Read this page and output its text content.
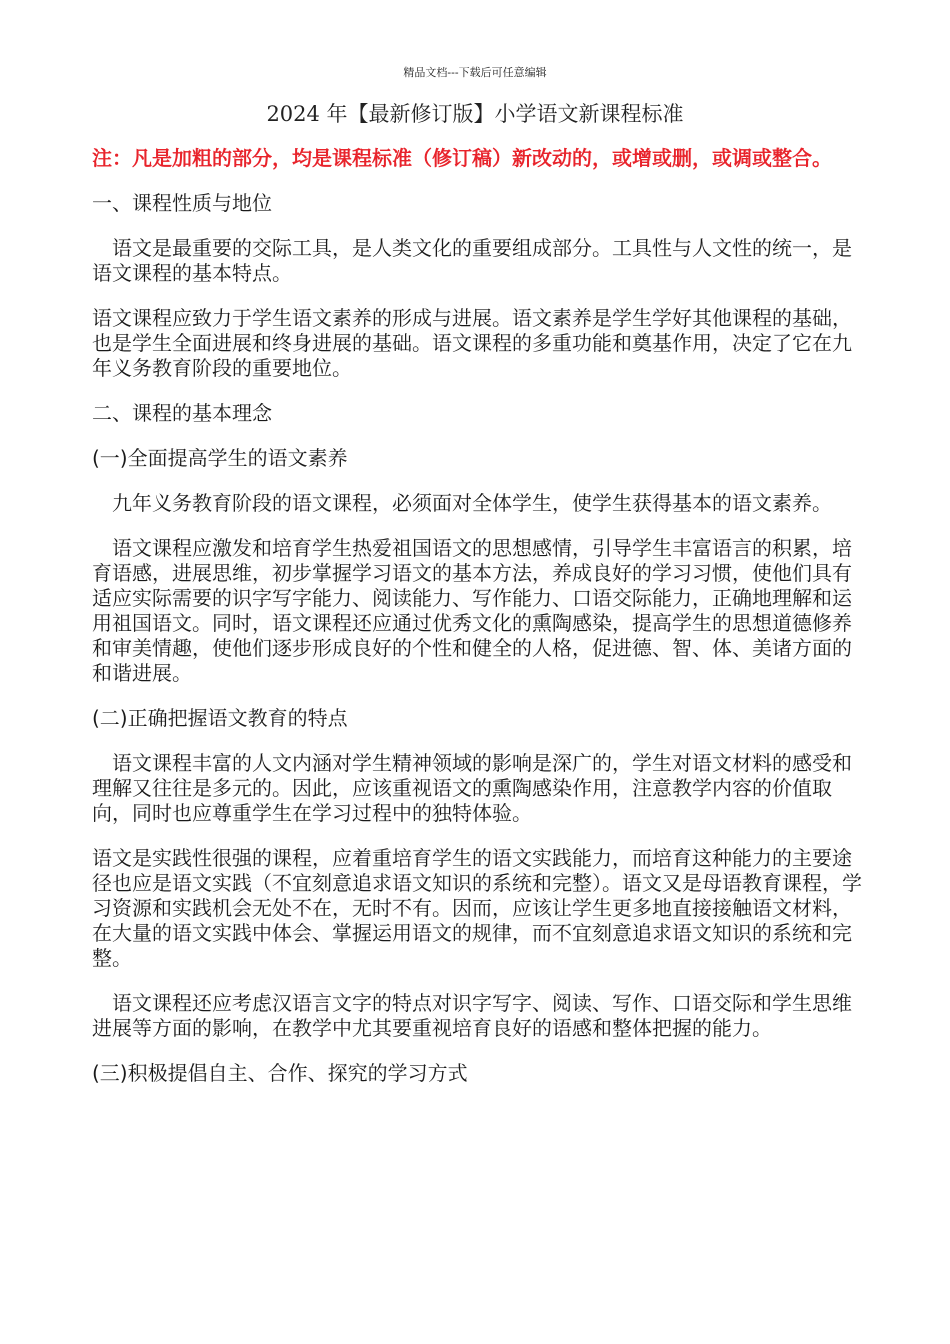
精品文档---下载后可任意编辑
2024 年【最新修订版】小学语文新课程标准

注：凡是加粗的部分，均是课程标准（修订稿）新改动的，或增或删，或调或整合。

一、课程性质与地位

语文是最重要的交际工具，是人类文化的重要组成部分。工具性与人文性的统一，是语文课程的基本特点。

语文课程应致力于学生语文素养的形成与进展。语文素养是学生学好其他课程的基础，也是学生全面进展和终身进展的基础。语文课程的多重功能和奠基作用，决定了它在九年义务教育阶段的重要地位。

二、课程的基本理念

(一)全面提高学生的语文素养

九年义务教育阶段的语文课程，必须面对全体学生，使学生获得基本的语文素养。

语文课程应激发和培育学生热爱祖国语文的思想感情，引导学生丰富语言的积累，培育语感，进展思维，初步掌握学习语文的基本方法，养成良好的学习习惯，使他们具有适应实际需要的识字写字能力、阅读能力、写作能力、口语交际能力，正确地理解和运用祖国语文。同时，语文课程还应通过优秀文化的熏陶感染，提高学生的思想道德修养和审美情趣，使他们逐步形成良好的个性和健全的人格，促进德、智、体、美诸方面的和谐进展。

(二)正确把握语文教育的特点

语文课程丰富的人文内涵对学生精神领域的影响是深广的，学生对语文材料的感受和理解又往往是多元的。因此，应该重视语文的熏陶感染作用，注意教学内容的价值取向，同时也应尊重学生在学习过程中的独特体验。

语文是实践性很强的课程，应着重培育学生的语文实践能力，而培育这种能力的主要途径也应是语文实践（不宜刻意追求语文知识的系统和完整）。语文又是母语教育课程，学习资源和实践机会无处不在，无时不有。因而，应该让学生更多地直接接触语文材料，在大量的语文实践中体会、掌握运用语文的规律，而不宜刻意追求语文知识的系统和完整。

语文课程还应考虑汉语言文字的特点对识字写字、阅读、写作、口语交际和学生思维进展等方面的影响，在教学中尤其要重视培育良好的语感和整体把握的能力。

(三)积极提倡自主、合作、探究的学习方式
